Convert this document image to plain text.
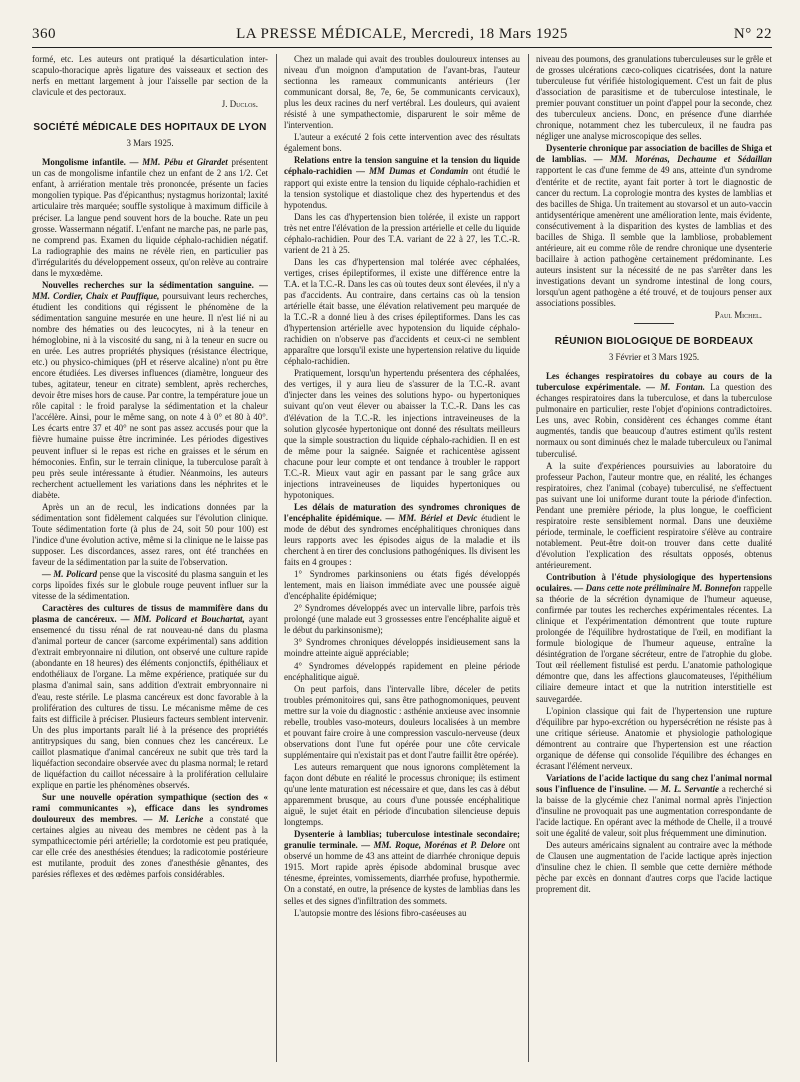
360	LA PRESSE MÉDICALE, Mercredi, 18 Mars 1925	N° 22

formé, etc. Les auteurs ont pratiqué la désarticulation inter-scapulo-thoracique après ligature des vaisseaux et section des nerfs en mettant largement à jour l'aisselle par section de la clavicule et des pectoraux.

J. Duclos.
SOCIÉTÉ MÉDICALE DES HOPITAUX DE LYON
3 Mars 1925.

Mongolisme infantile. — MM. Pébu et Girardet présentent un cas de mongolisme infantile chez un enfant de 2 ans 1/2. Cet enfant, à arriération mentale très prononcée, présente un facies mongolien typique. Pas d'épicanthus; nystagmus horizontal; laxité articulaire très marquée; souffle systolique à maximum difficile à préciser. La langue pend souvent hors de la bouche. Rate un peu grosse. Wassermann négatif. L'enfant ne marche pas, ne parle pas, ne comprend pas. Examen du liquide céphalo-rachidien négatif. La radiographie des mains ne révèle rien, en particulier pas d'irrégularités du développement osseux, qu'on relève au contraire dans le myxœdème.

Nouvelles recherches sur la sédimentation sanguine. — MM. Cordier, Chaix et Pauffique, poursuivant leurs recherches, étudient les conditions qui régissent le phénomène de la sédimentation sanguine mesurée en une heure. Il n'est lié ni au nombre des hématies ou des leucocytes, ni à la teneur en hémoglobine, ni à la viscosité du sang, ni à la teneur en sucre ou en urée. Les autres propriétés physiques (résistance électrique, etc.) ou physico-chimiques (pH et réserve alcaline) n'ont pu être encore étudiées. Les diverses influences (diamètre, longueur des tubes, agitateur, teneur en citrate) semblent, après recherches, devoir être mises hors de cause. Par contre, la température joue un rôle capital : le froid paralyse la sédimentation et la chaleur l'accélère. Ainsi, pour le même sang, on note 4 à 0° et 80 à 40°. Les écarts entre 37 et 40° ne sont pas assez accusés pour que la fièvre humaine puisse être incriminée. Les périodes digestives peuvent influer si le repas est riche en graisses et le sérum en hémoconies. Enfin, sur le terrain clinique, la tuberculose paraît à peu près seule intéressante à étudier. Néanmoins, les auteurs recherchent actuellement les variations dans les néphrites et le diabète.

Après un an de recul, les indications données par la sédimentation sont fidèlement calquées sur l'évolution clinique. Toute sédimentation forte (à plus de 24, soit 50 pour 100) est l'indice d'une évolution active, même si la clinique ne le laisse pas supposer. Les discordances, assez rares, ont été tranchées en faveur de la sédimentation par la suite de l'observation.

— M. Policard pense que la viscosité du plasma sanguin et les corps lipoïdes fixés sur le globule rouge peuvent influer sur la vitesse de la sédimentation.

Caractères des cultures de tissus de mammifère dans du plasma de cancéreux. — MM. Policard et Bouchartat, ayant ensemencé du tissu rénal de rat nouveau-né dans du plasma d'animal porteur de cancer (sarcome expérimental) sans addition d'extrait embryonnaire ni dilution, ont observé une culture rapide (abondante en 18 heures) des éléments conjonctifs, épithéliaux et endothéliaux de l'organe. La même expérience, pratiquée sur du plasma d'animal sain, sans addition d'extrait embryonnaire ni d'eau, reste stérile. Le plasma cancéreux est donc favorable à la prolifération des cultures de tissu. Le mécanisme même de ces faits est difficile à préciser. Plusieurs facteurs semblent intervenir. Un des plus importants paraît lié à la présence des propriétés antitrypsiques du sang, bien connues chez les cancéreux. Le caillot plasmatique d'animal cancéreux ne subit que très tard la liquéfaction secondaire observée avec du plasma normal; le retard de liquéfaction du caillot nécessaire à la prolifération cellulaire explique en partie les phénomènes observés.

Sur une nouvelle opération sympathique (section des « rami communicantes »), efficace dans les syndromes douloureux des membres. — M. Leriche a constaté que certaines algies au niveau des membres ne cèdent pas à la sympathicectomie péri artérielle; la cordotomie est peu pratiquée, car elle crée des anesthésies étendues; la radicotomie postérieure est mutilante, produit des zones d'anesthésie gênantes, des parésies réflexes et des œdèmes parfois considérables.

Chez un malade qui avait des troubles douloureux intenses au niveau d'un moignon d'amputation de l'avant-bras, l'auteur sectionna les rameaux communicants antérieurs (1er communicant dorsal, 8e, 7e, 6e, 5e communicants cervicaux), plus les deux racines du nerf vertébral. Les douleurs, qui avaient résisté à une sympathectomie, disparurent le soir même de l'intervention.

L'auteur a exécuté 2 fois cette intervention avec des résultats également bons.

Relations entre la tension sanguine et la tension du liquide céphalo-rachidien — MM Dumas et Condamin ont étudié le rapport qui existe entre la tension du liquide céphalo-rachidien et la tension systolique et diastolique chez des hypertendus et des hypotendus.

Dans les cas d'hypertension bien tolérée, il existe un rapport très net entre l'élévation de la pression artérielle et celle du liquide céphalo-rachidien. Pour des T.A. variant de 22 à 27, les T.C.-R. varient de 21 à 25.

Dans les cas d'hypertension mal tolérée avec céphalées, vertiges, crises épileptiformes, il existe une différence entre la T.A. et la T.C.-R. Dans les cas où toutes deux sont élevées, il n'y a pas d'accidents. Au contraire, dans certains cas où la tension artérielle était basse, une élévation relativement peu marquée de la T.C.-R a donné lieu à des crises épileptiformes. Dans les cas d'hypertension artérielle avec hypotension du liquide céphalo-rachidien on n'observe pas d'accidents et ceux-ci ne semblent apparaître que lorsqu'il existe une hypertension relative du liquide céphalo-rachidien.

Pratiquement, lorsqu'un hypertendu présentera des céphalées, des vertiges, il y aura lieu de s'assurer de la T.C.-R. avant d'injecter dans les veines des solutions hypo- ou hypertoniques suivant qu'on veut élever ou abaisser la T.C.-R. Dans les cas d'élévation de la T.C.-R. les injections intraveineuses de la solution glycosée hypertonique ont donné des résultats meilleurs que la simple soustraction du liquide céphalo-rachidien. Il en est de même pour la saignée. Saignée et rachicentèse agissent chacune pour leur compte et ont tendance à troubler le rapport T.C.-R. Mieux vaut agir en passant par le sang grâce aux injections intraveineuses de liquides hypertoniques ou hypotoniques.

Les délais de maturation des syndromes chroniques de l'encéphalite épidémique. — MM. Bériel et Devic étudient le mode de début des syndromes encéphalitiques chroniques dans leurs rapports avec les épisodes aigus de la maladie et ils cherchent à en tirer des conclusions pathogéniques. Ils divisent les faits en 4 groupes :

1° Syndromes parkinsoniens ou états figés développés lentement, mais en liaison immédiate avec une poussée aiguë d'encéphalite épidémique;

2° Syndromes développés avec un intervalle libre, parfois très prolongé (une malade eut 3 grossesses entre l'encéphalite aiguë et le début du parkinsonisme);

3° Syndromes chroniques développés insidieusement sans la moindre atteinte aiguë appréciable;

4° Syndromes développés rapidement en pleine période encéphalitique aiguë.

On peut parfois, dans l'intervalle libre, déceler de petits troubles prémonitoires qui, sans être pathognomoniques, peuvent mettre sur la voie du diagnostic : asthénie anxieuse avec insomnie rebelle, troubles vaso-moteurs, douleurs localisées à un membre et pouvant faire croire à une compression vasculo-nerveuse (deux observations dont l'une fut opérée pour une côte cervicale supplémentaire qui n'existait pas et dont l'autre faillit être opérée).

Les auteurs remarquent que nous ignorons complètement la façon dont débute en réalité le processus chronique; ils estiment qu'une lente maturation est nécessaire et que, dans les cas à début apparemment brusque, au cours d'une poussée encéphalitique aiguë, le sujet était en période d'incubation silencieuse depuis longtemps.

Dysenterie à lamblias; tuberculose intestinale secondaire; granulie terminale. — MM. Roque, Morénas et P. Delore ont observé un homme de 43 ans atteint de diarrhée chronique depuis 1915. Mort rapide après épisode abdominal brusque avec ténesme, épreintes, vomissements, diarrhée profuse, hypothermie. On a constaté, en outre, la présence de kystes de lamblias dans les selles et des signes d'infiltration des sommets.

L'autopsie montre des lésions fibro-caséeuses au

niveau des poumons, des granulations tuberculeuses sur le grêle et de grosses ulcérations cæco-coliques cicatrisées, dont la nature tuberculeuse fut vérifiée histologiquement. C'est un fait de plus d'association de parasitisme et de tuberculose intestinale, le premier pouvant constituer un point d'appel pour la seconde, chez des tuberculeux anciens. Donc, en présence d'une diarrhée chronique, notamment chez les tuberculeux, il ne faudra pas négliger une analyse microscopique des selles.

Dysenterie chronique par association de bacilles de Shiga et de lamblias. — MM. Morénas, Dechaume et Sédaillan rapportent le cas d'une femme de 49 ans, atteinte d'un syndrome d'entérite et de rectite, ayant fait porter à tort le diagnostic de cancer du rectum. La coprologie montra des kystes de lamblias et des bacilles de Shiga. Un traitement au stovarsol et un auto-vaccin antidysentérique amenèrent une amélioration lente, mais évidente, consécutivement à la disparition des kystes de lamblias et des bacilles de Shiga. Il semble que la lambliose, probablement antérieure, ait eu comme rôle de rendre chronique une dysenterie bacillaire à action pathogène certainement prédominante. Les auteurs insistent sur la nécessité de ne pas s'arrêter dans les investigations devant un syndrome intestinal de long cours, lorsqu'un agent pathogène a été trouvé, et de toujours penser aux associations possibles.

Paul Michel.
RÉUNION BIOLOGIQUE DE BORDEAUX
3 Février et 3 Mars 1925.

Les échanges respiratoires du cobaye au cours de la tuberculose expérimentale. — M. Fontan. La question des échanges respiratoires dans la tuberculose, et dans la tuberculose pulmonaire en particulier, reste l'objet d'opinions contradictoires. Les uns, avec Robin, considèrent ces échanges comme étant augmentés, tandis que beaucoup d'autres estiment qu'ils restent normaux ou sont diminués chez le malade tuberculeux ou l'animal tuberculisé.

A la suite d'expériences poursuivies au laboratoire du professeur Pachon, l'auteur montre que, en réalité, les échanges respiratoires, chez l'animal (cobaye) tuberculisé, ne s'effectuent pas suivant une loi uniforme durant toute la période d'infection. Pendant une première période, la plus longue, le coefficient respiratoire reste sensiblement normal. Dans une deuxième période, terminale, le coefficient respiratoire s'élève au contraire notablement. Peut-être doit-on trouver dans cette dualité d'évolution l'explication des résultats opposés, obtenus antérieurement.

Contribution à l'étude physiologique des hypertensions oculaires. — Dans cette note préliminaire M. Bonnefon rappelle sa théorie de la sécrétion dynamique de l'humeur aqueuse, confirmée par toutes les recherches expérimentales récentes. La clinique et l'expérimentation démontrent que toute rupture prolongée de l'équilibre hydrostatique de l'œil, en modifiant la formule biologique de l'humeur aqueuse, entraîne la désintégration de l'organe sécréteur, entre de l'atrophie du globe. Tout œil réellement fistulisé est perdu. L'anatomie pathologique démontre que, dans les affections glaucomateuses, l'épithélium ciliaire demeure intact et que la nutrition interstitielle est sauvegardée.

L'opinion classique qui fait de l'hypertension une rupture d'équilibre par hypo-excrétion ou hypersécrétion ne résiste pas à une critique sérieuse. Anatomie et physiologie pathologique démontrent au contraire que l'hypertension est une réaction organique de défense qui consolide l'équilibre des échanges en écrasant l'élément nerveux.

Variations de l'acide lactique du sang chez l'animal normal sous l'influence de l'insuline. — M. L. Servantie a recherché si la baisse de la glycémie chez l'animal normal après l'injection d'insuline ne provoquait pas une augmentation correspondante de l'acide lactique. En opérant avec la méthode de Chelle, il a trouvé soit une égalité de valeur, soit plus fréquemment une diminution.

Des auteurs américains signalent au contraire avec la méthode de Clausen une augmentation de l'acide lactique après injection d'insuline chez le chien. Il semble que cette dernière méthode pèche par excès en donnant d'autres corps que l'acide lactique proprement dit.
